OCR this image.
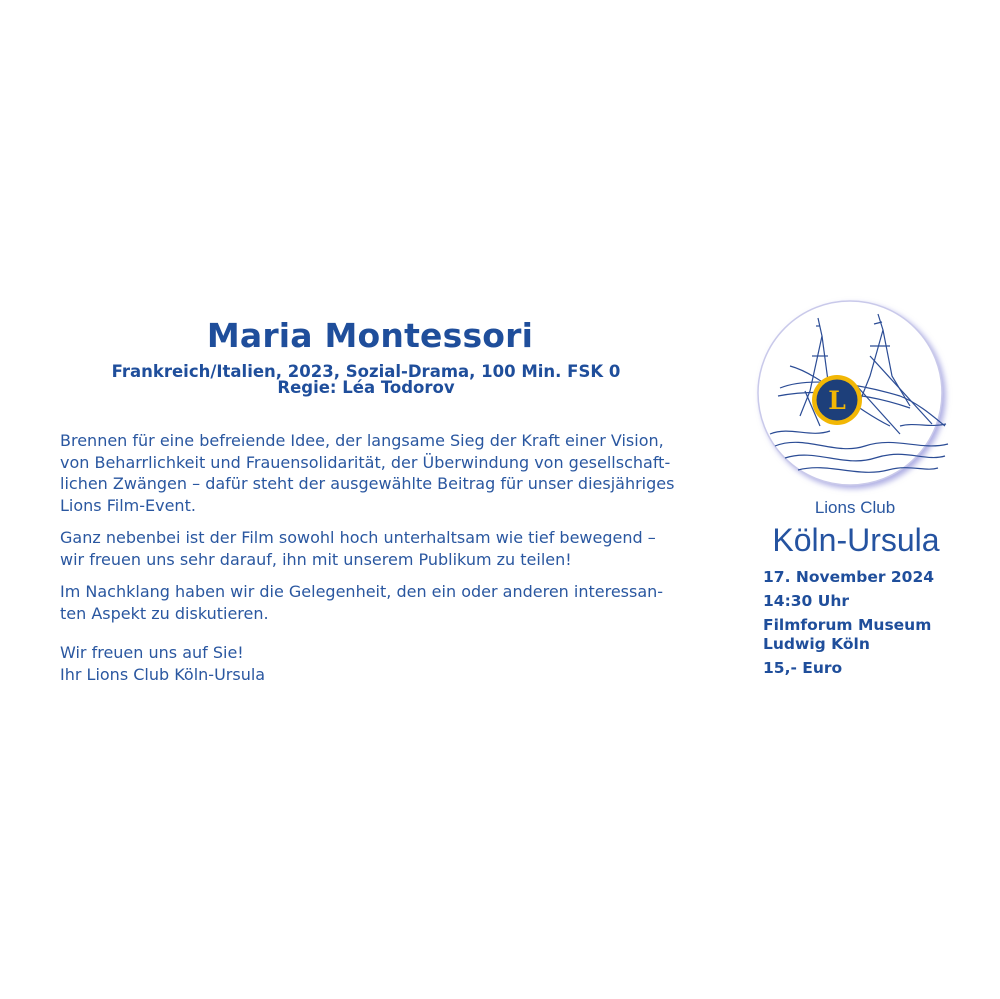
Maria Montessori
Frankreich/Italien, 2023, Sozial-Drama, 100 Min. FSK 0
Regie: Léa Todorov

Brennen für eine befreiende Idee, der langsame Sieg der Kraft einer Vision,
von Beharrlichkeit und Frauensolidarität, der Überwindung von gesellschaft-
lichen Zwängen – dafür steht der ausgewählte Beitrag für unser diesjähriges
Lions Film-Event.

Ganz nebenbei ist der Film sowohl hoch unterhaltsam wie tief bewegend –
wir freuen uns sehr darauf, ihn mit unserem Publikum zu teilen!

Im Nachklang haben wir die Gelegenheit, den ein oder anderen interessan-
ten Aspekt zu diskutieren.

Wir freuen uns auf Sie!
Ihr Lions Club Köln-Ursula

L
Lions Club
Köln-Ursula
17. November 2024
14:30 Uhr
Filmforum Museum
Ludwig Köln
15,- Euro
